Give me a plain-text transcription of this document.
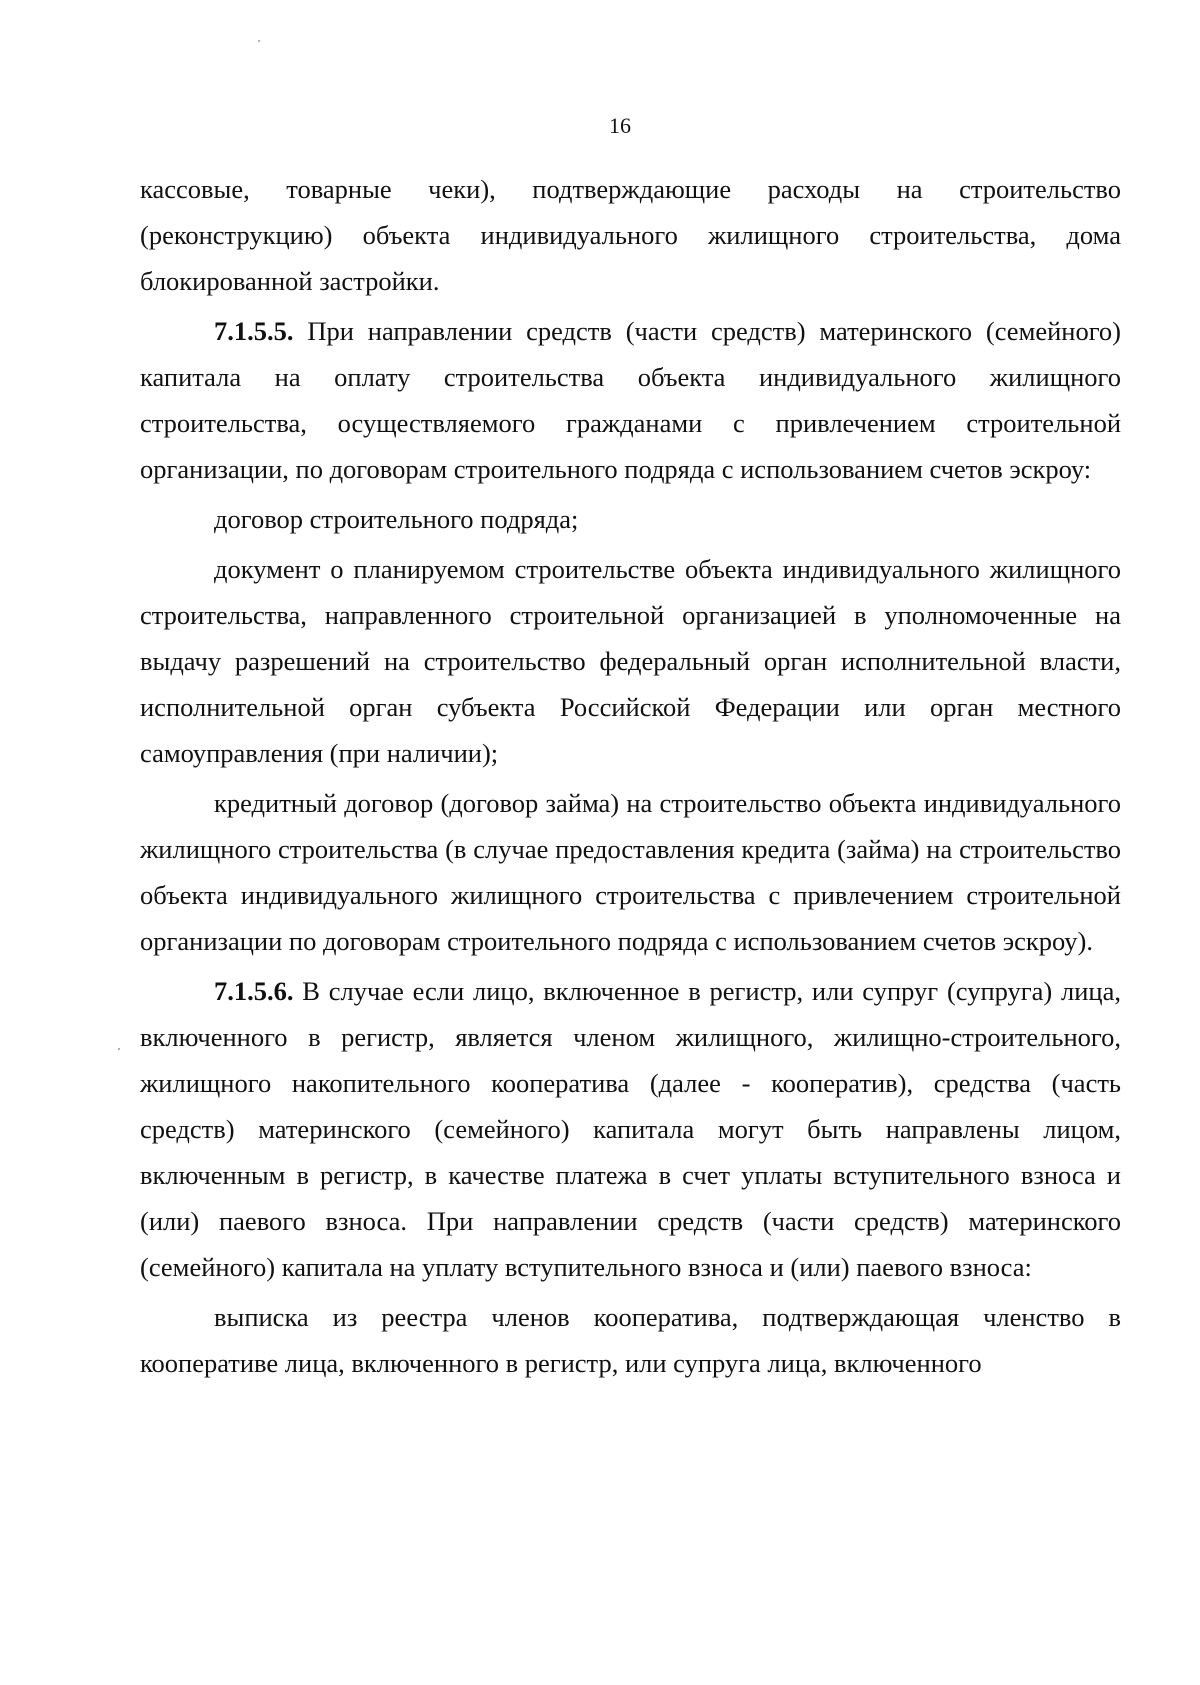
16

кассовые, товарные чеки), подтверждающие расходы на строительство (реконструкцию) объекта индивидуального жилищного строительства, дома блокированной застройки.

7.1.5.5. При направлении средств (части средств) материнского (семейного) капитала на оплату строительства объекта индивидуального жилищного строительства, осуществляемого гражданами с привлечением строительной организации, по договорам строительного подряда с использованием счетов эскроу:

договор строительного подряда;

документ о планируемом строительстве объекта индивидуального жилищного строительства, направленного строительной организацией в уполномоченные на выдачу разрешений на строительство федеральный орган исполнительной власти, исполнительной орган субъекта Российской Федерации или орган местного самоуправления (при наличии);

кредитный договор (договор займа) на строительство объекта индивидуального жилищного строительства (в случае предоставления кредита (займа) на строительство объекта индивидуального жилищного строительства с привлечением строительной организации по договорам строительного подряда с использованием счетов эскроу).

7.1.5.6. В случае если лицо, включенное в регистр, или супруг (супруга) лица, включенного в регистр, является членом жилищного, жилищно-строительного, жилищного накопительного кооператива (далее - кооператив), средства (часть средств) материнского (семейного) капитала могут быть направлены лицом, включенным в регистр, в качестве платежа в счет уплаты вступительного взноса и (или) паевого взноса. При направлении средств (части средств) материнского (семейного) капитала на уплату вступительного взноса и (или) паевого взноса:

выписка из реестра членов кооператива, подтверждающая членство в кооперативе лица, включенного в регистр, или супруга лица, включенного
